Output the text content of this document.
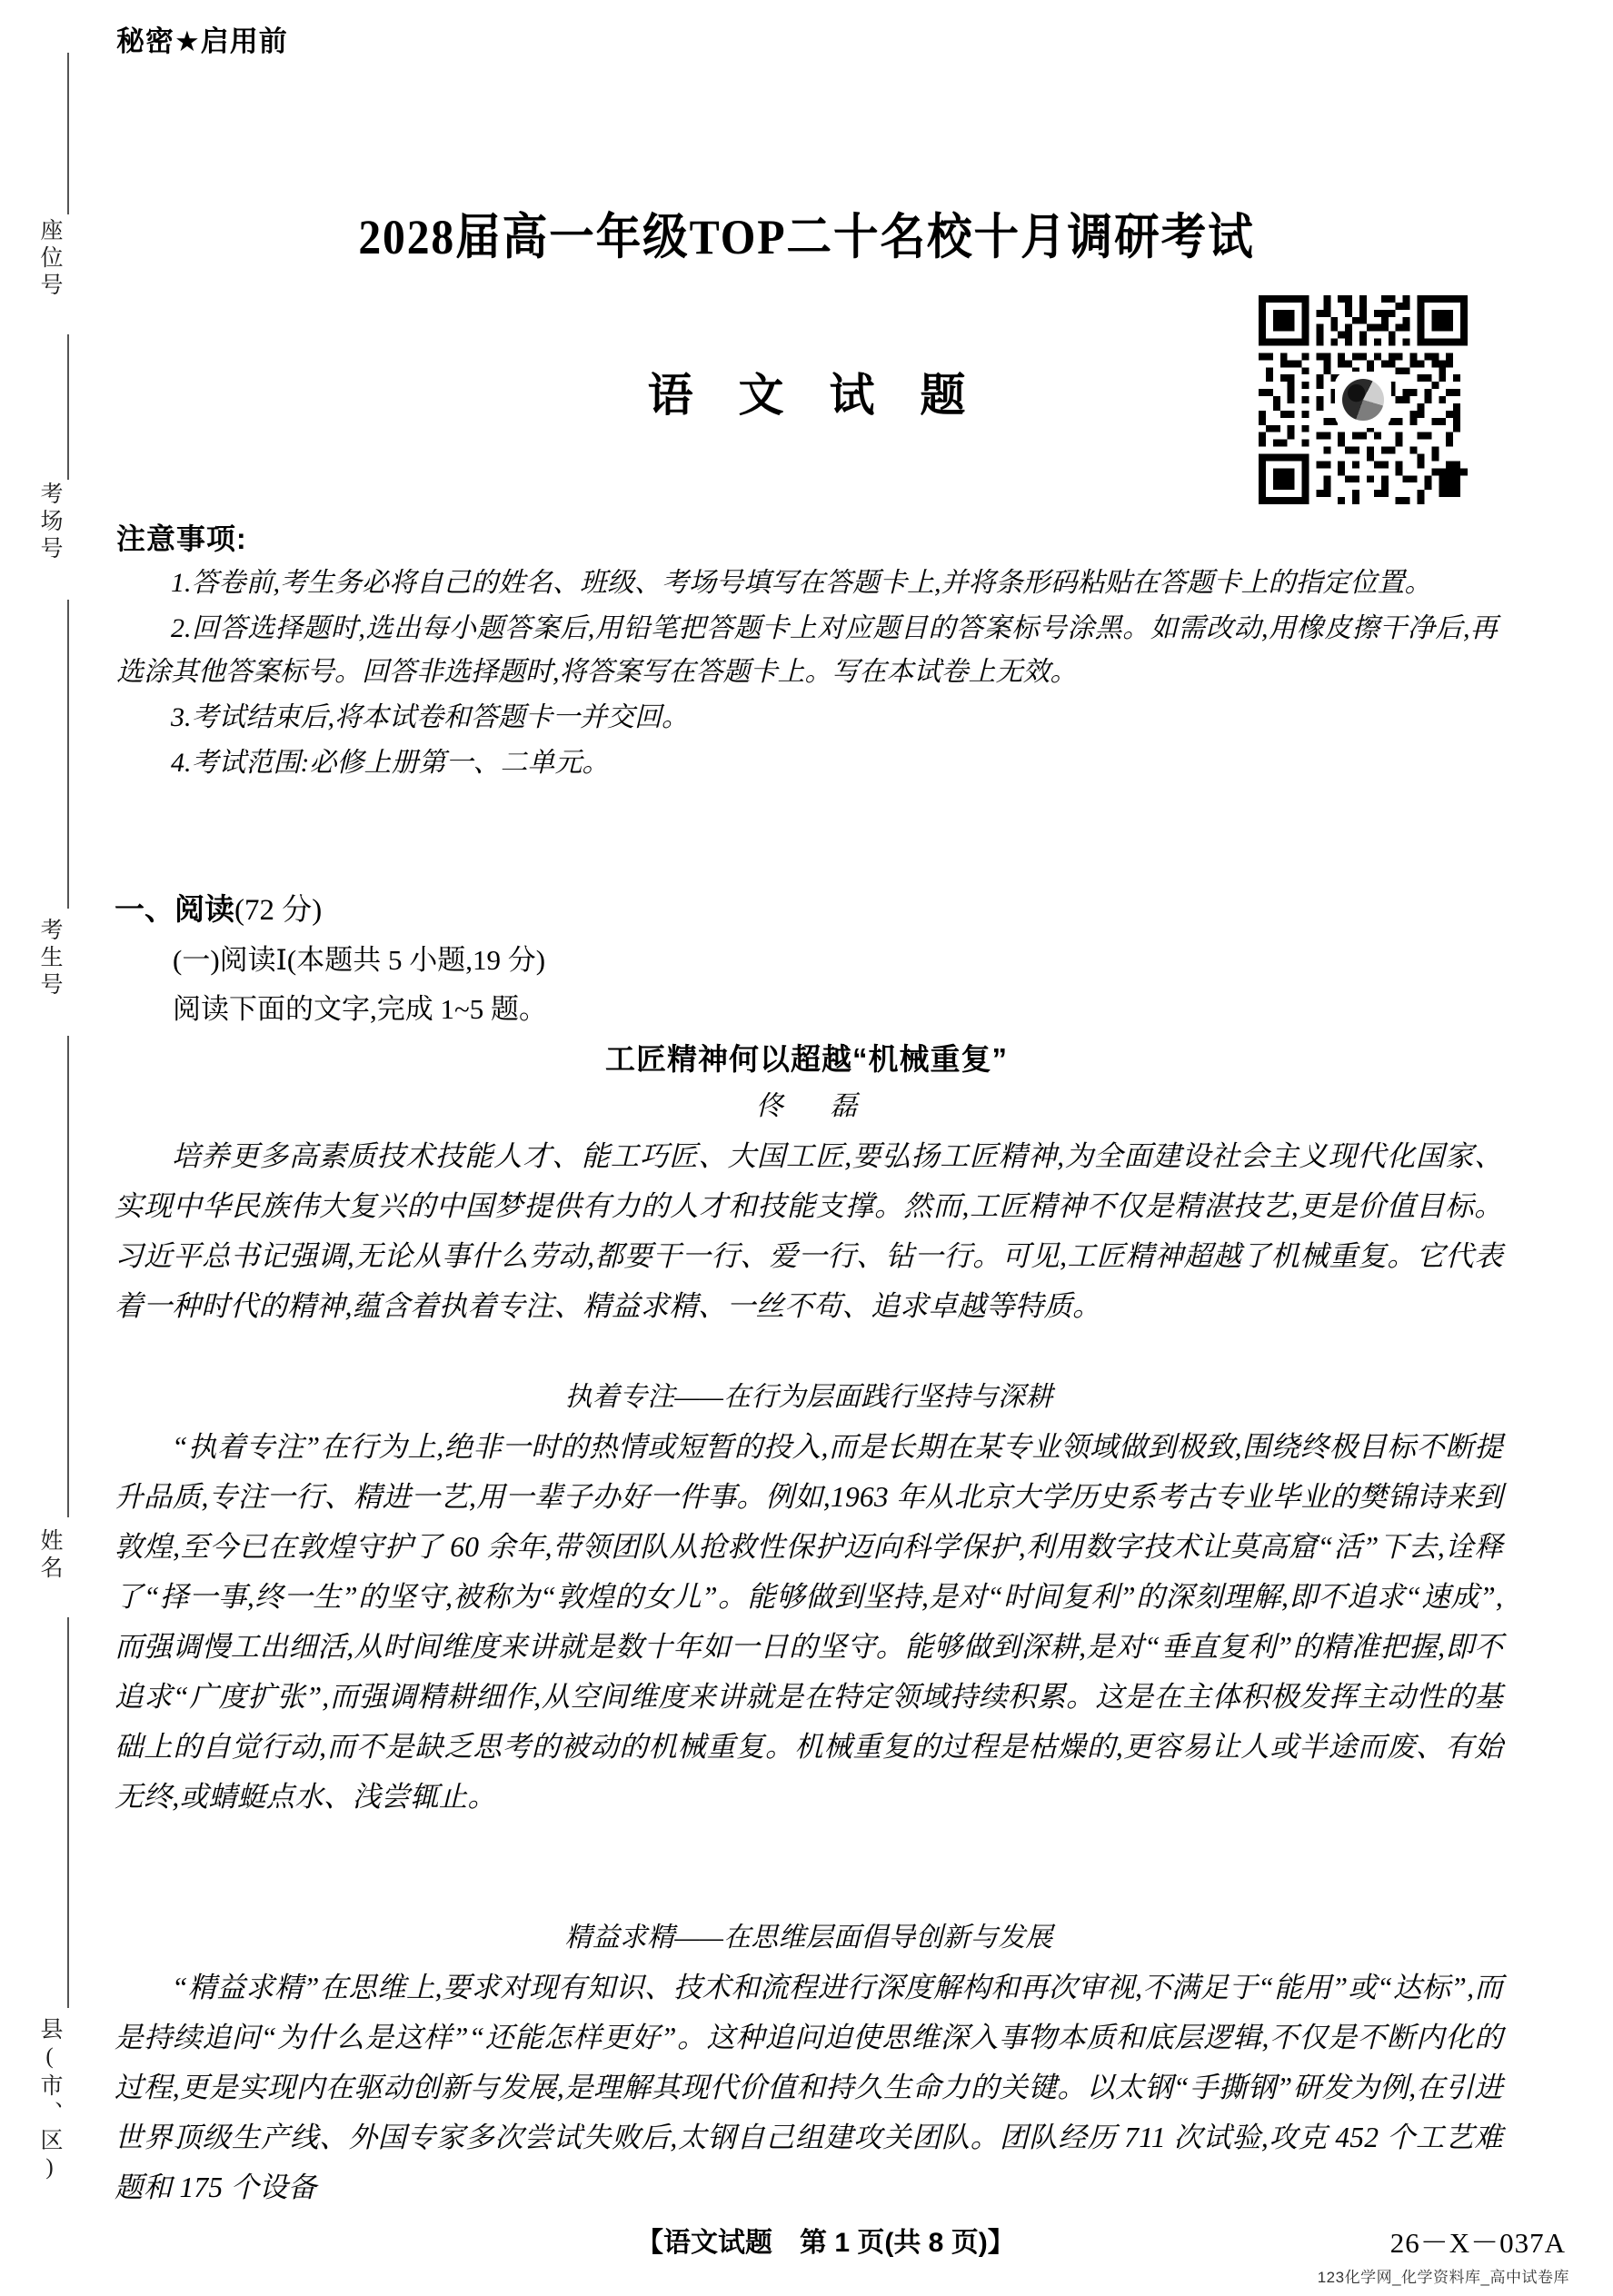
座位号
考场号
考生号
姓名
县(市、区)
秘密★启用前
2028届高一年级TOP二十名校十月调研考试
语 文 试 题
注意事项:

1.答卷前,考生务必将自己的姓名、班级、考场号填写在答题卡上,并将条形码粘贴在答题卡上的指定位置。

2.回答选择题时,选出每小题答案后,用铅笔把答题卡上对应题目的答案标号涂黑。如需改动,用橡皮擦干净后,再选涂其他答案标号。回答非选择题时,将答案写在答题卡上。写在本试卷上无效。

3.考试结束后,将本试卷和答题卡一并交回。

4.考试范围:必修上册第一、二单元。

一、阅读(72 分)
(一)阅读Ⅰ(本题共 5 小题,19 分)
阅读下面的文字,完成 1~5 题。
工匠精神何以超越“机械重复”
佟 磊

培养更多高素质技术技能人才、能工巧匠、大国工匠,要弘扬工匠精神,为全面建设社会主义现代化国家、实现中华民族伟大复兴的中国梦提供有力的人才和技能支撑。然而,工匠精神不仅是精湛技艺,更是价值目标。习近平总书记强调,无论从事什么劳动,都要干一行、爱一行、钻一行。可见,工匠精神超越了机械重复。它代表着一种时代的精神,蕴含着执着专注、精益求精、一丝不苟、追求卓越等特质。

执着专注——在行为层面践行坚持与深耕

“执着专注”在行为上,绝非一时的热情或短暂的投入,而是长期在某专业领域做到极致,围绕终极目标不断提升品质,专注一行、精进一艺,用一辈子办好一件事。例如,1963 年从北京大学历史系考古专业毕业的樊锦诗来到敦煌,至今已在敦煌守护了 60 余年,带领团队从抢救性保护迈向科学保护,利用数字技术让莫高窟“活”下去,诠释了“择一事,终一生”的坚守,被称为“敦煌的女儿”。能够做到坚持,是对“时间复利”的深刻理解,即不追求“速成”,而强调慢工出细活,从时间维度来讲就是数十年如一日的坚守。能够做到深耕,是对“垂直复利”的精准把握,即不追求“广度扩张”,而强调精耕细作,从空间维度来讲就是在特定领域持续积累。这是在主体积极发挥主动性的基础上的自觉行动,而不是缺乏思考的被动的机械重复。机械重复的过程是枯燥的,更容易让人或半途而废、有始无终,或蜻蜓点水、浅尝辄止。

精益求精——在思维层面倡导创新与发展

“精益求精”在思维上,要求对现有知识、技术和流程进行深度解构和再次审视,不满足于“能用”或“达标”,而是持续追问“为什么是这样”“还能怎样更好”。这种追问迫使思维深入事物本质和底层逻辑,不仅是不断内化的过程,更是实现内在驱动创新与发展,是理解其现代价值和持久生命力的关键。以太钢“手撕钢”研发为例,在引进世界顶级生产线、外国专家多次尝试失败后,太钢自己组建攻关团队。团队经历 711 次试验,攻克 452 个工艺难题和 175 个设备

【语文试题　第 1 页(共 8 页)】	26－X－037A
123化学网_化学资料库_高中试卷库
